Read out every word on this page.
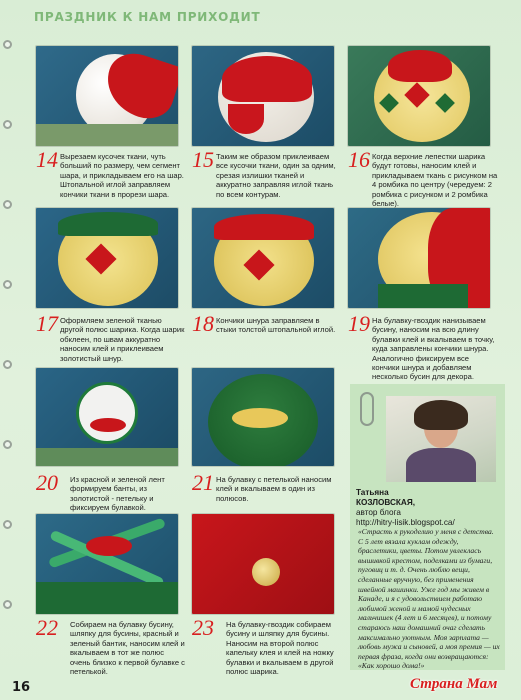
ПРАЗДНИК К НАМ ПРИХОДИТ
14 Вырезаем кусочек ткани, чуть больший по размеру, чем сегмент шара, и прикладываем его на шар. Штопальной иглой заправляем кончики ткани в прорези шара.
15 Таким же образом приклеиваем все кусочки ткани, один за одним, срезая излишки тканей и аккуратно заправляя иглой ткань по всем контурам.
16 Когда верхние лепестки шарика будут готовы, наносим клей и прикладываем ткань с рисунком на 4 ромбика по центру (чередуем: 2 ромбика с рисунком и 2 ромбика белые).
17 Оформляем зеленой тканью другой полюс шарика. Когда шарик обклеен, по швам аккуратно наносим клей и приклеиваем золотистый шнур.
18 Кончики шнура заправляем в стыки толстой штопальной иглой. 19 На булавку-гвоздик нанизываем бусину, наносим на всю длину булавки клей и вкалываем в точку, куда заправлены кончики шнура. Аналогично фиксируем все кончики шнура и добавляем несколько бусин для декора.
20	Из красной и зеленой лент формируем банты, из золотистой - петельку и фиксируем булавкой.
21 На булавку с петелькой наносим клей и вкалываем в один из полюсов.
22	Собираем на булавку бусину, шляпку для бусины, красный и зеленый бантик, наносим клей и вкалываем в тот же полюс очень близко к первой булавке с петелькой.
23	На булавку-гвоздик собираем бусину и шляпку для бусины. Наносим на второй полюс капельку клея и клей на ножку булавки и вкалываем в другой полюс шарика.
Татьяна
КОЗЛОВСКАЯ,
автор блога
http://hitry-lisik.blogspot.ca/
«Страсть к рукоделию у меня с детства. С 5 лет вязала куклам одежду, браслетики, цветы. Потом увлеклась вышивкой крестом, поделками из бумаги, пуговиц и т. д. Очень люблю вещи, сделанные вручную, без применения швейной машинки. Уже год мы живем в Канаде, и я с удовольствием работаю любимой женой и мамой чудесных мальчишек (4 лет и 6 месяцев), и потому стараюсь наш домашний очаг сделать максимально уютным. Моя зарплата — любовь мужа и сыновей, а моя премия — их первая фраза, когда они возвращаются: «Как хорошо дома!»
16	Страна Мам
